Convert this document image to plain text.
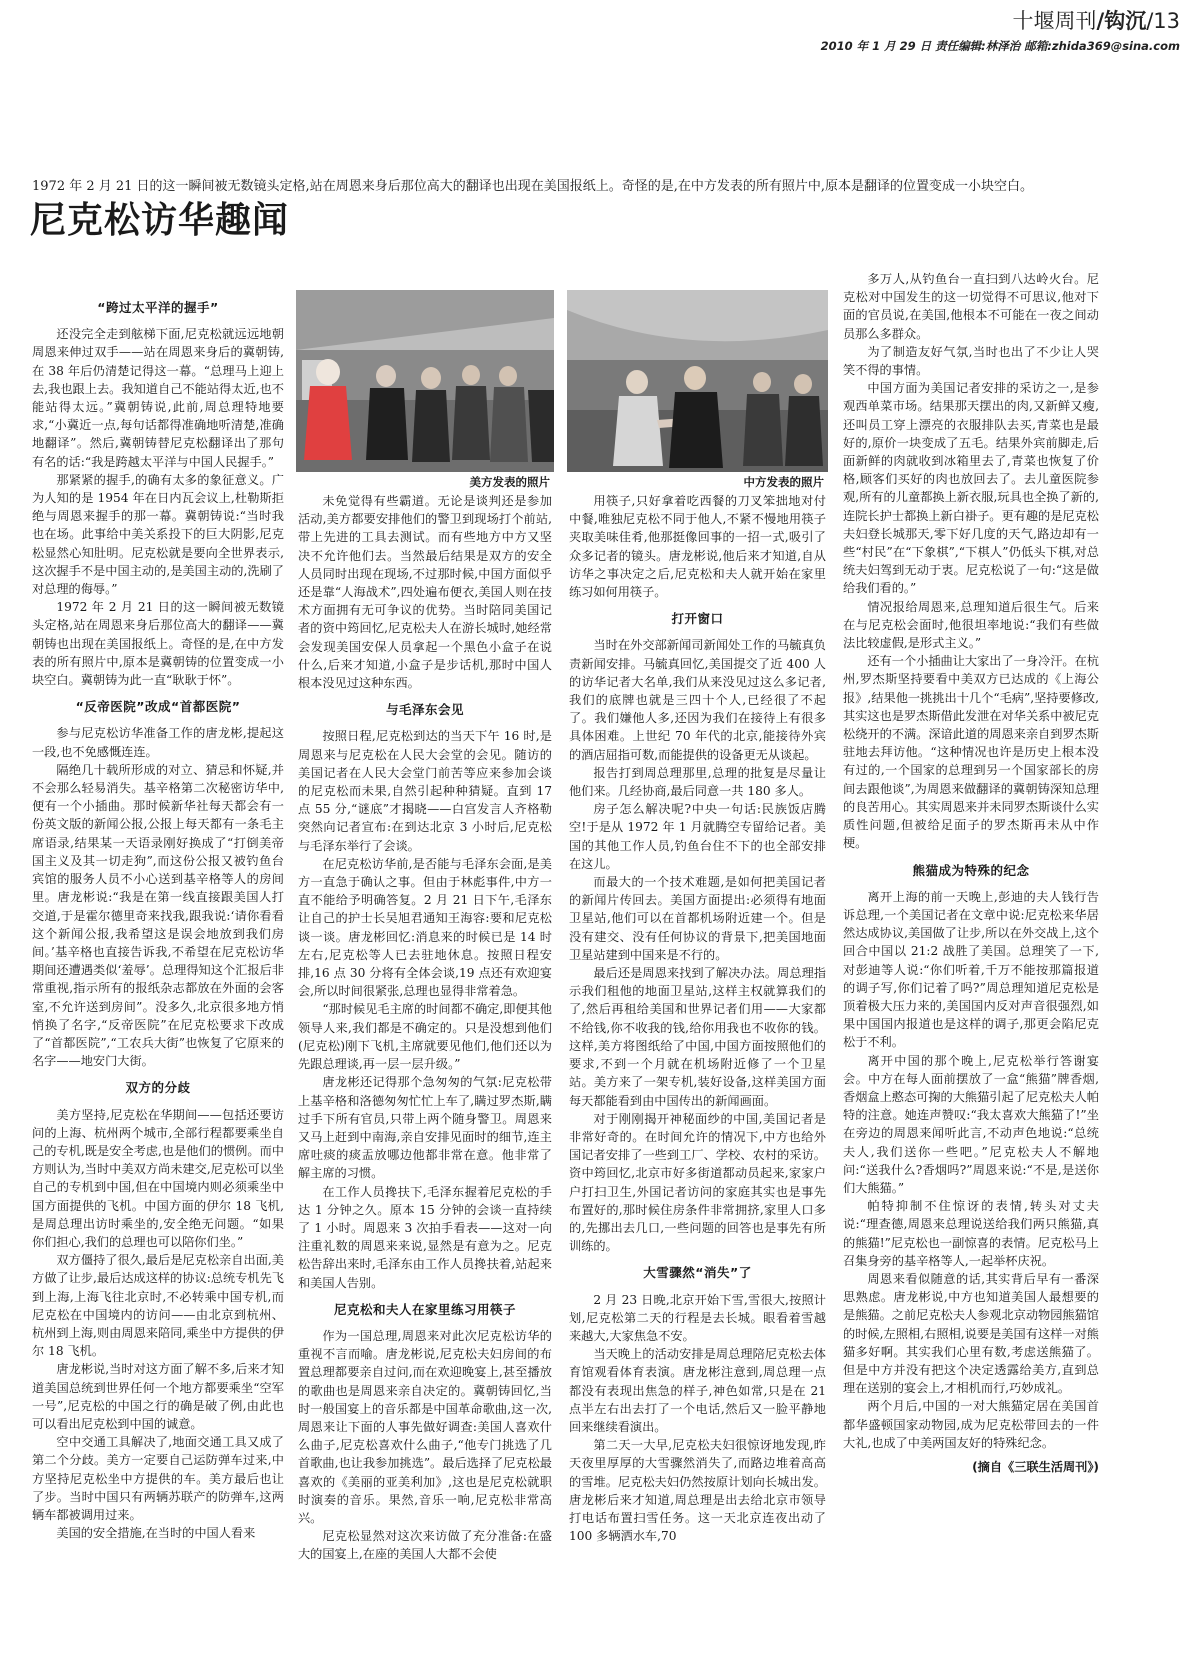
十堰周刊/钩沉/13
2010 年 1 月 29 日 责任编辑:林泽治 邮箱:zhida369@sina.com
1972 年 2 月 21 日的这一瞬间被无数镜头定格,站在周恩来身后那位高大的翻译也出现在美国报纸上。奇怪的是,在中方发表的所有照片中,原本是翻译的位置变成一小块空白。
尼克松访华趣闻
美方发表的照片	中方发表的照片
“跨过太平洋的握手”

还没完全走到舷梯下面,尼克松就远远地朝周恩来伸过双手——站在周恩来身后的冀朝铸,在 38 年后仍清楚记得这一幕。“总理马上迎上去,我也跟上去。我知道自己不能站得太近,也不能站得太远。”冀朝铸说,此前,周总理特地要求,“小冀近一点,每句话都得准确地听清楚,准确地翻译”。然后,冀朝铸替尼克松翻译出了那句有名的话:“我是跨越太平洋与中国人民握手。”

那紧紧的握手,的确有太多的象征意义。广为人知的是 1954 年在日内瓦会议上,杜勒斯拒绝与周恩来握手的那一幕。冀朝铸说:“当时我也在场。此事给中美关系投下的巨大阴影,尼克松显然心知肚明。尼克松就是要向全世界表示,这次握手不是中国主动的,是美国主动的,洗刷了对总理的侮辱。”

1972 年 2 月 21 日的这一瞬间被无数镜头定格,站在周恩来身后那位高大的翻译——冀朝铸也出现在美国报纸上。奇怪的是,在中方发表的所有照片中,原本是冀朝铸的位置变成一小块空白。冀朝铸为此一直“耿耿于怀”。

“反帝医院”改成“首都医院”

参与尼克松访华准备工作的唐龙彬,提起这一段,也不免感慨连连。

隔绝几十载所形成的对立、猜忌和怀疑,并不会那么轻易消失。基辛格第二次秘密访华中,便有一个小插曲。那时候新华社每天都会有一份英文版的新闻公报,公报上每天都有一条毛主席语录,结果某一天语录刚好换成了“打倒美帝国主义及其一切走狗”,而这份公报又被钓鱼台宾馆的服务人员不小心送到基辛格等人的房间里。唐龙彬说:“我是在第一线直接跟美国人打交道,于是霍尔德里奇来找我,跟我说:‘请你看看这个新闻公报,我希望这是误会地放到我们房间。’基辛格也直接告诉我,不希望在尼克松访华期间还遭遇类似‘羞辱’。总理得知这个汇报后非常重视,指示所有的报纸杂志都放在外面的会客室,不允许送到房间”。没多久,北京很多地方悄悄换了名字,“反帝医院”在尼克松要求下改成了“首都医院”,“工农兵大街”也恢复了它原来的名字——地安门大街。

双方的分歧

美方坚持,尼克松在华期间——包括还要访问的上海、杭州两个城市,全部行程都要乘坐自己的专机,既是安全考虑,也是他们的惯例。而中方则认为,当时中美双方尚未建交,尼克松可以坐自己的专机到中国,但在中国境内则必须乘坐中国方面提供的飞机。中国方面的伊尔 18 飞机,是周总理出访时乘坐的,安全绝无问题。“如果你们担心,我们的总理也可以陪你们坐。”

双方僵持了很久,最后是尼克松亲自出面,美方做了让步,最后达成这样的协议:总统专机先飞到上海,上海飞往北京时,不必转乘中国专机,而尼克松在中国境内的访问——由北京到杭州、杭州到上海,则由周恩来陪同,乘坐中方提供的伊尔 18 飞机。

唐龙彬说,当时对这方面了解不多,后来才知道美国总统到世界任何一个地方都要乘坐“空军一号”,尼克松的中国之行的确是破了例,由此也可以看出尼克松到中国的诚意。

空中交通工具解决了,地面交通工具又成了第二个分歧。美方一定要自己运防弹车过来,中方坚持尼克松坐中方提供的车。美方最后也让了步。当时中国只有两辆苏联产的防弹车,这两辆车都被调用过来。

美国的安全措施,在当时的中国人看来

未免觉得有些霸道。无论是谈判还是参加活动,美方都要安排他们的警卫到现场打个前站,带上先进的工具去测试。而有些地方中方又坚决不允许他们去。当然最后结果是双方的安全人员同时出现在现场,不过那时候,中国方面似乎还是靠“人海战术”,四处遍布便衣,美国人则在技术方面拥有无可争议的优势。当时陪同美国记者的资中筠回忆,尼克松夫人在游长城时,她经常会发现美国安保人员拿起一个黑色小盒子在说什么,后来才知道,小盒子是步话机,那时中国人根本没见过这种东西。

与毛泽东会见

按照日程,尼克松到达的当天下午 16 时,是周恩来与尼克松在人民大会堂的会见。随访的美国记者在人民大会堂门前苦等应来参加会谈的尼克松而未果,自然引起种种猜疑。直到 17 点 55 分,“谜底”才揭晓——白宫发言人齐格勒突然向记者宣布:在到达北京 3 小时后,尼克松与毛泽东举行了会谈。

在尼克松访华前,是否能与毛泽东会面,是美方一直急于确认之事。但由于林彪事件,中方一直不能给予明确答复。2 月 21 日下午,毛泽东让自己的护士长吴旭君通知王海容:要和尼克松谈一谈。唐龙彬回忆:消息来的时候已是 14 时左右,尼克松等人已去驻地休息。按照日程安排,16 点 30 分将有全体会谈,19 点还有欢迎宴会,所以时间很紧张,总理也显得非常着急。

“那时候见毛主席的时间都不确定,即便其他领导人来,我们都是不确定的。只是没想到他们(尼克松)刚下飞机,主席就要见他们,他们还以为先跟总理谈,再一层一层升级。”

唐龙彬还记得那个急匆匆的气氛:尼克松带上基辛格和洛德匆匆忙忙上车了,瞒过罗杰斯,瞒过手下所有官员,只带上两个随身警卫。周恩来又马上赶到中南海,亲自安排见面时的细节,连主席吐痰的痰盂放哪边他都非常在意。他非常了解主席的习惯。

在工作人员搀扶下,毛泽东握着尼克松的手达 1 分钟之久。原本 15 分钟的会谈一直持续了 1 小时。周恩来 3 次拍手看表——这对一向注重礼数的周恩来来说,显然是有意为之。尼克松告辞出来时,毛泽东由工作人员搀扶着,站起来和美国人告别。

尼克松和夫人在家里练习用筷子

作为一国总理,周恩来对此次尼克松访华的重视不言而喻。唐龙彬说,尼克松夫妇房间的布置总理都要亲自过问,而在欢迎晚宴上,甚至播放的歌曲也是周恩来亲自决定的。冀朝铸回忆,当时一般国宴上的音乐都是中国革命歌曲,这一次,周恩来让下面的人事先做好调查:美国人喜欢什么曲子,尼克松喜欢什么曲子,“他专门挑选了几首歌曲,也让我参加挑选”。最后选择了尼克松最喜欢的《美丽的亚美利加》,这也是尼克松就职时演奏的音乐。果然,音乐一响,尼克松非常高兴。

尼克松显然对这次来访做了充分准备:在盛大的国宴上,在座的美国人大都不会使

用筷子,只好拿着吃西餐的刀叉笨拙地对付中餐,唯独尼克松不同于他人,不紧不慢地用筷子夹取美味佳肴,他那挺像回事的一招一式,吸引了众多记者的镜头。唐龙彬说,他后来才知道,自从访华之事决定之后,尼克松和夫人就开始在家里练习如何用筷子。

打开窗口

当时在外交部新闻司新闻处工作的马毓真负责新闻安排。马毓真回忆,美国提交了近 400 人的访华记者大名单,我们从来没见过这么多记者,我们的底牌也就是三四十个人,已经很了不起了。我们嫌他人多,还因为我们在接待上有很多具体困难。上世纪 70 年代的北京,能接待外宾的酒店屈指可数,而能提供的设备更无从谈起。

报告打到周总理那里,总理的批复是尽量让他们来。几经协商,最后同意一共 180 多人。

房子怎么解决呢?中央一句话:民族饭店腾空!于是从 1972 年 1 月就腾空专留给记者。美国的其他工作人员,钓鱼台住不下的也全部安排在这儿。

而最大的一个技术难题,是如何把美国记者的新闻片传回去。美国方面提出:必须得有地面卫星站,他们可以在首都机场附近建一个。但是没有建交、没有任何协议的背景下,把美国地面卫星站建到中国来是不行的。

最后还是周恩来找到了解决办法。周总理指示我们租他的地面卫星站,这样主权就算我们的了,然后再租给美国和世界记者们用——大家都不给钱,你不收我的钱,给你用我也不收你的钱。这样,美方将图纸给了中国,中国方面按照他们的要求,不到一个月就在机场附近修了一个卫星站。美方来了一架专机,装好设备,这样美国方面每天都能看到由中国传出的新闻画面。

对于刚刚揭开神秘面纱的中国,美国记者是非常好奇的。在时间允许的情况下,中方也给外国记者安排了一些到工厂、学校、农村的采访。资中筠回忆,北京市好多街道都动员起来,家家户户打扫卫生,外国记者访问的家庭其实也是事先布置好的,那时候住房条件非常拥挤,家里人口多的,先挪出去几口,一些问题的回答也是事先有所训练的。

大雪骤然“消失”了

2 月 23 日晚,北京开始下雪,雪很大,按照计划,尼克松第二天的行程是去长城。眼看着雪越来越大,大家焦急不安。

当天晚上的活动安排是周总理陪尼克松去体育馆观看体育表演。唐龙彬注意到,周总理一点都没有表现出焦急的样子,神色如常,只是在 21 点半左右出去打了一个电话,然后又一脸平静地回来继续看演出。

第二天一大早,尼克松夫妇很惊讶地发现,昨天夜里厚厚的大雪骤然消失了,而路边堆着高高的雪堆。尼克松夫妇仍然按原计划向长城出发。唐龙彬后来才知道,周总理是出去给北京市领导打电话布置扫雪任务。这一天北京连夜出动了 100 多辆洒水车,70

多万人,从钓鱼台一直扫到八达岭火台。尼克松对中国发生的这一切觉得不可思议,他对下面的官员说,在美国,他根本不可能在一夜之间动员那么多群众。

为了制造友好气氛,当时也出了不少让人哭笑不得的事情。

中国方面为美国记者安排的采访之一,是参观西单菜市场。结果那天摆出的肉,又新鲜又瘦,还叫员工穿上漂亮的衣服排队去买,青菜也是最好的,原价一块变成了五毛。结果外宾前脚走,后面新鲜的肉就收到冰箱里去了,青菜也恢复了价格,顾客们买好的肉也放回去了。去儿童医院参观,所有的儿童都换上新衣服,玩具也全换了新的,连院长护士都换上新白褂子。更有趣的是尼克松夫妇登长城那天,零下好几度的天气,路边却有一些“村民”在“下象棋”,“下棋人”仍低头下棋,对总统夫妇驾到无动于衷。尼克松说了一句:“这是做给我们看的。”

情况报给周恩来,总理知道后很生气。后来在与尼克松会面时,他很坦率地说:“我们有些做法比较虚假,是形式主义。”

还有一个小插曲让大家出了一身冷汗。在杭州,罗杰斯坚持要看中美双方已达成的《上海公报》,结果他一挑挑出十几个“毛病”,坚持要修改,其实这也是罗杰斯借此发泄在对华关系中被尼克松绕开的不满。深谙此道的周恩来亲自到罗杰斯驻地去拜访他。“这种情况也许是历史上根本没有过的,一个国家的总理到另一个国家部长的房间去跟他谈”,为周恩来做翻译的冀朝铸深知总理的良苦用心。其实周恩来并未同罗杰斯谈什么实质性问题,但被给足面子的罗杰斯再未从中作梗。

熊猫成为特殊的纪念

离开上海的前一天晚上,彭迪的夫人钱行告诉总理,一个美国记者在文章中说:尼克松来华居然达成协议,美国做了让步,所以在外交战上,这个回合中国以 21:2 战胜了美国。总理笑了一下,对彭迪等人说:“你们听着,千万不能按那篇报道的调子写,你们记着了吗?”周总理知道尼克松是顶着极大压力来的,美国国内反对声音很强烈,如果中国国内报道也是这样的调子,那更会陷尼克松于不利。

离开中国的那个晚上,尼克松举行答谢宴会。中方在每人面前摆放了一盒“熊猫”牌香烟,香烟盒上憨态可掬的大熊猫引起了尼克松夫人帕特的注意。她连声赞叹:“我太喜欢大熊猫了!”坐在旁边的周恩来闻听此言,不动声色地说:“总统夫人,我们送你一些吧。”尼克松夫人不解地问:“送我什么?香烟吗?”周恩来说:“不是,是送你们大熊猫。”

帕特抑制不住惊讶的表情,转头对丈夫说:“理查德,周恩来总理说送给我们两只熊猫,真的熊猫!”尼克松也一副惊喜的表情。尼克松马上召集身旁的基辛格等人,一起举杯庆祝。

周恩来看似随意的话,其实背后早有一番深思熟虑。唐龙彬说,中方也知道美国人最想要的是熊猫。之前尼克松夫人参观北京动物园熊猫馆的时候,左照相,右照相,说要是美国有这样一对熊猫多好啊。其实我们心里有数,考虑送熊猫了。但是中方并没有把这个决定透露给美方,直到总理在送别的宴会上,才相机而行,巧妙成礼。

两个月后,中国的一对大熊猫定居在美国首都华盛顿国家动物园,成为尼克松带回去的一件大礼,也成了中美两国友好的特殊纪念。

(摘自《三联生活周刊》)
